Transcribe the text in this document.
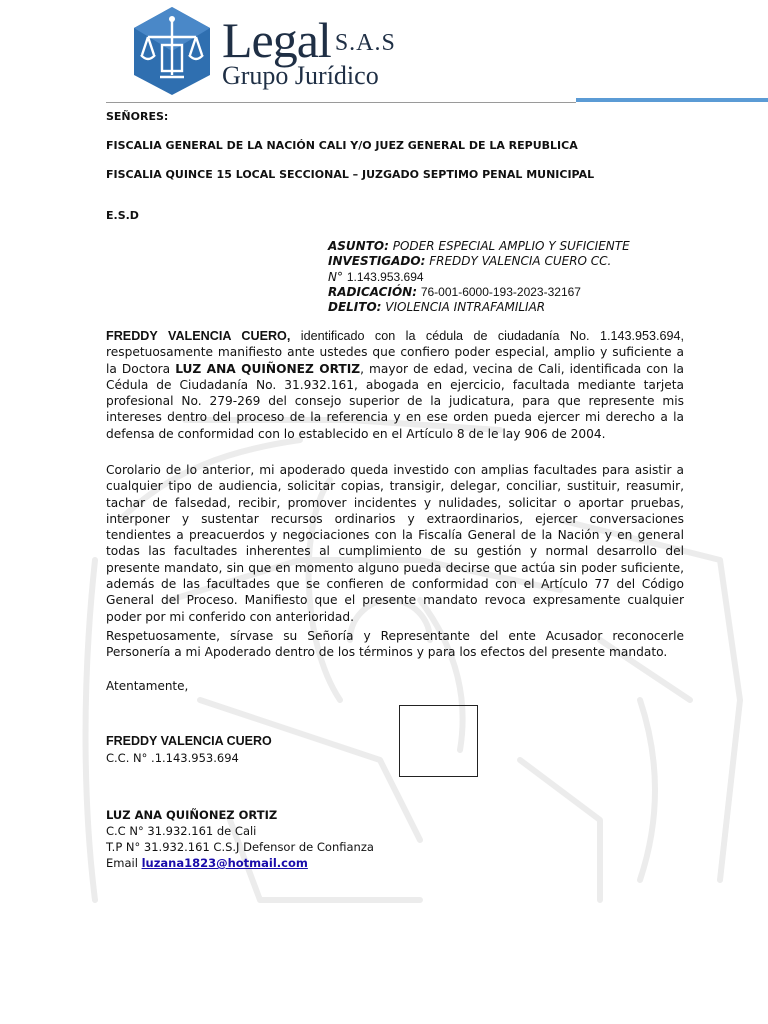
Legal S.A.S
Grupo Jurídico
SEÑORES:
FISCALIA GENERAL DE LA NACIÓN CALI Y/O JUEZ GENERAL DE LA REPUBLICA
FISCALIA QUINCE 15 LOCAL SECCIONAL – JUZGADO SEPTIMO PENAL MUNICIPAL
E.S.D
ASUNTO: PODER ESPECIAL AMPLIO Y SUFICIENTE
INVESTIGADO: FREDDY VALENCIA CUERO CC.
N° 1.143.953.694
RADICACIÓN: 76-001-6000-193-2023-32167
DELITO: VIOLENCIA INTRAFAMILIAR
FREDDY VALENCIA CUERO, identificado con la cédula de ciudadanía No. 1.143.953.694, respetuosamente manifiesto ante ustedes que confiero poder especial, amplio y suficiente a la Doctora LUZ ANA QUIÑONEZ ORTIZ, mayor de edad, vecina de Cali, identificada con la Cédula de Ciudadanía No. 31.932.161, abogada en ejercicio, facultada mediante tarjeta profesional No. 279-269 del consejo superior de la judicatura, para que represente mis intereses dentro del proceso de la referencia y en ese orden pueda ejercer mi derecho a la defensa de conformidad con lo establecido en el Artículo 8 de le lay 906 de 2004.
Corolario de lo anterior, mi apoderado queda investido con amplias facultades para asistir a cualquier tipo de audiencia, solicitar copias, transigir, delegar, conciliar, sustituir, reasumir, tachar de falsedad, recibir, promover incidentes y nulidades, solicitar o aportar pruebas, interponer y sustentar recursos ordinarios y extraordinarios, ejercer conversaciones tendientes a preacuerdos y negociaciones con la Fiscalía General de la Nación y en general todas las facultades inherentes al cumplimiento de su gestión y normal desarrollo del presente mandato, sin que en momento alguno pueda decirse que actúa sin poder suficiente, además de las facultades que se confieren de conformidad con el Artículo 77 del Código General del Proceso. Manifiesto que el presente mandato revoca expresamente cualquier poder por mi conferido con anterioridad.
Respetuosamente, sírvase su Señoría y Representante del ente Acusador reconocerle Personería a mi Apoderado dentro de los términos y para los efectos del presente mandato.
Atentamente,
FREDDY VALENCIA CUERO
C.C. N° .1.143.953.694
LUZ ANA QUIÑONEZ ORTIZ
C.C N° 31.932.161 de Cali
T.P N° 31.932.161 C.S.J Defensor de Confianza
Email luzana1823@hotmail.com
